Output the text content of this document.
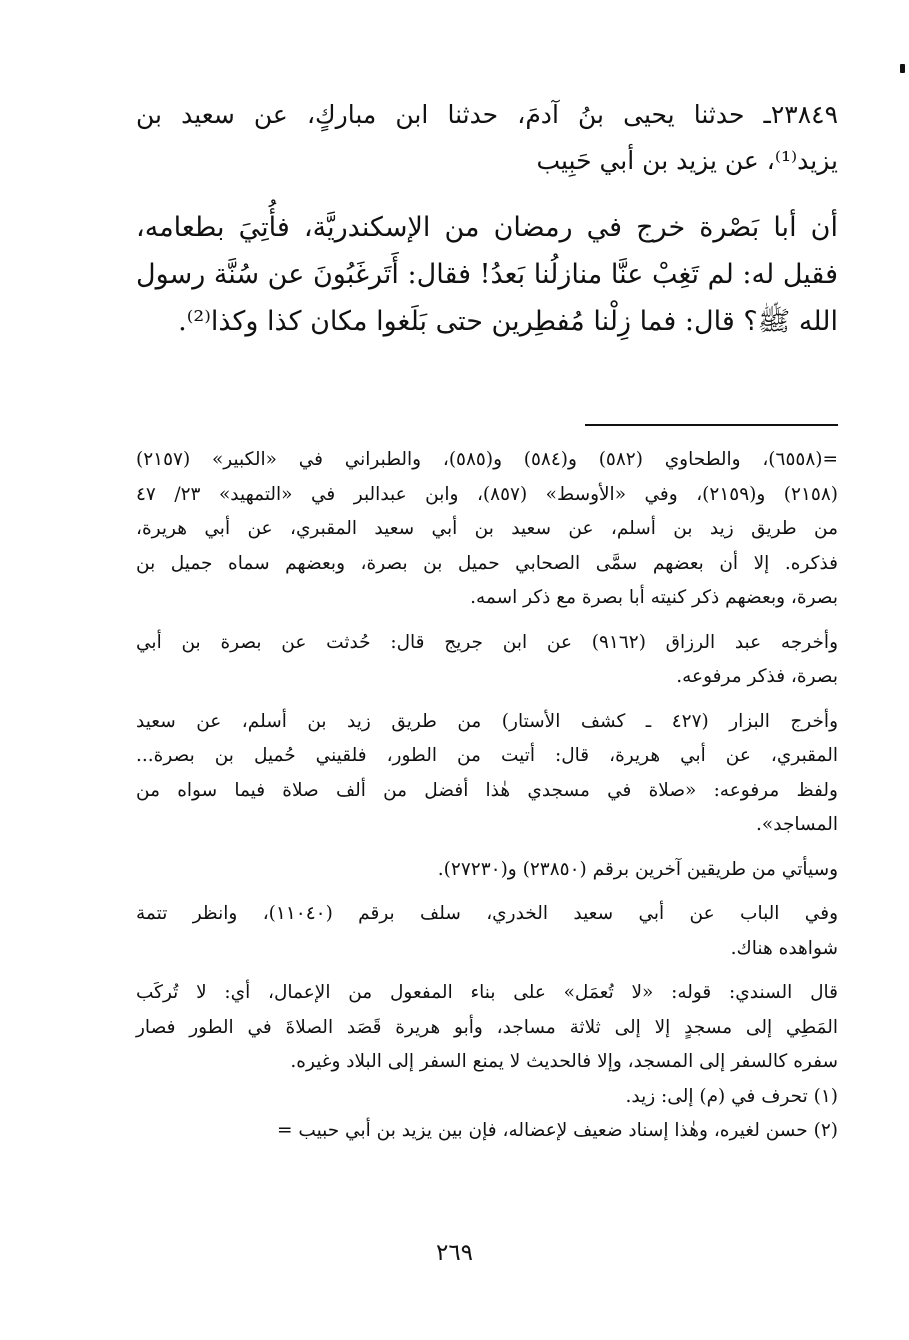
٢٣٨٤٩ـ حدثنا يحيى بنُ آدمَ، حدثنا ابن مباركٍ، عن سعيد بن
يزيد⁽¹⁾، عن يزيد بن أبي حَبِيب
أن أبا بَصْرة خرج في رمضان من الإسكندريَّة، فأُتِيَ بطعامه،
فقيل له: لم تَغِبْ عنَّا منازلُنا بَعدُ! فقال: أَتَرغَبُونَ عن سُنَّة رسول
الله ﷺ؟ قال: فما زِلْنا مُفطِرين حتى بَلَغوا مكان كذا وكذا⁽²⁾.
=(٦٥٥٨)، والطحاوي (٥٨٢) و(٥٨٤) و(٥٨٥)، والطبراني في «الكبير» (٢١٥٧)
(٢١٥٨) و(٢١٥٩)، وفي «الأوسط» (٨٥٧)، وابن عبدالبر في «التمهيد» ٢٣/ ٤٧
من طريق زيد بن أسلم، عن سعيد بن أبي سعيد المقبري، عن أبي هريرة،
فذكره. إلا أن بعضهم سمَّى الصحابي حميل بن بصرة، وبعضهم سماه جميل بن
بصرة، وبعضهم ذكر كنيته أبا بصرة مع ذكر اسمه.
وأخرجه عبد الرزاق (٩١٦٢) عن ابن جريج قال: حُدثت عن بصرة بن أبي
بصرة، فذكر مرفوعه.
وأخرج البزار (٤٢٧ ـ كشف الأستار) من طريق زيد بن أسلم، عن سعيد
المقبري، عن أبي هريرة، قال: أتيت من الطور، فلقيني حُميل بن بصرة...
ولفظ مرفوعه: «صلاة في مسجدي هٰذا أفضل من ألف صلاة فيما سواه من
المساجد».
وسيأتي من طريقين آخرين برقم (٢٣٨٥٠) و(٢٧٢٣٠).
وفي الباب عن أبي سعيد الخدري، سلف برقم (١١٠٤٠)، وانظر تتمة
شواهده هناك.
قال السندي: قوله: «لا تُعمَل» على بناء المفعول من الإعمال، أي: لا تُركَب
المَطِي إلى مسجدٍ إلا إلى ثلاثة مساجد، وأبو هريرة قَصَد الصلاةَ في الطور فصار
سفره كالسفر إلى المسجد، وإلا فالحديث لا يمنع السفر إلى البلاد وغيره.
(١) تحرف في (م) إلى: زيد.
(٢) حسن لغيره، وهٰذا إسناد ضعيف لإعضاله، فإن بين يزيد بن أبي حبيب =
٢٦٩
